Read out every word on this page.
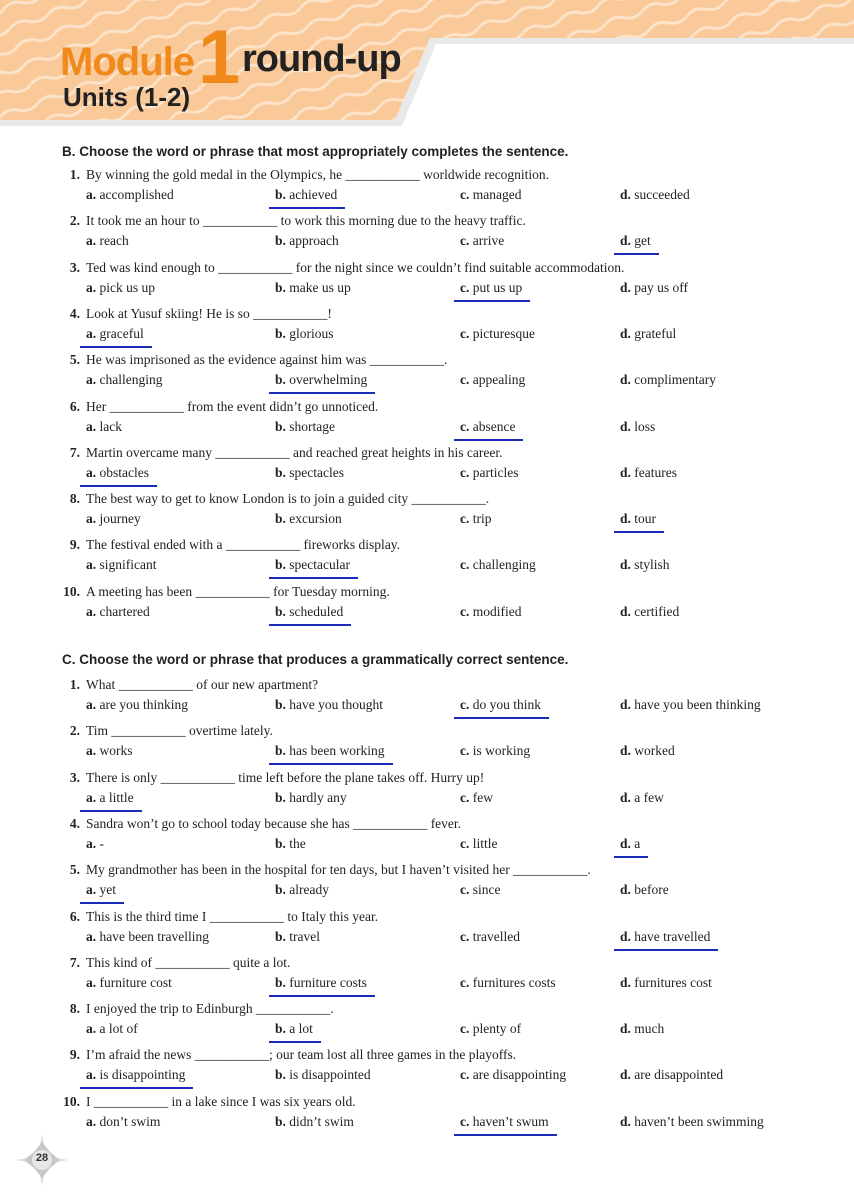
Module 1 round-up
Units (1-2)
B. Choose the word or phrase that most appropriately completes the sentence.
1. By winning the gold medal in the Olympics, he ___________ worldwide recognition.
a. accomplished	b. achieved	c. managed	d. succeeded
2. It took me an hour to ___________ to work this morning due to the heavy traffic.
a. reach	b. approach	c. arrive	d. get
3. Ted was kind enough to ___________ for the night since we couldn’t find suitable accommodation.
a. pick us up	b. make us up	c. put us up	d. pay us off
4. Look at Yusuf skiing! He is so ___________!
a. graceful	b. glorious	c. picturesque	d. grateful
5. He was imprisoned as the evidence against him was ___________.
a. challenging	b. overwhelming	c. appealing	d. complimentary
6. Her ___________ from the event didn’t go unnoticed.
a. lack	b. shortage	c. absence	d. loss
7. Martin overcame many ___________ and reached great heights in his career.
a. obstacles	b. spectacles	c. particles	d. features
8. The best way to get to know London is to join a guided city ___________.
a. journey	b. excursion	c. trip	d. tour
9. The festival ended with a ___________ fireworks display.
a. significant	b. spectacular	c. challenging	d. stylish
10. A meeting has been ___________ for Tuesday morning.
a. chartered	b. scheduled	c. modified	d. certified
C. Choose the word or phrase that produces a grammatically correct sentence.
1. What ___________ of our new apartment?
a. are you thinking	b. have you thought	c. do you think	d. have you been thinking
2. Tim ___________ overtime lately.
a. works	b. has been working	c. is working	d. worked
3. There is only ___________ time left before the plane takes off. Hurry up!
a. a little	b. hardly any	c. few	d. a few
4. Sandra won’t go to school today because she has ___________ fever.
a. -	b. the	c. little	d. a
5. My grandmother has been in the hospital for ten days, but I haven’t visited her ___________.
a. yet	b. already	c. since	d. before
6. This is the third time I ___________ to Italy this year.
a. have been travelling	b. travel	c. travelled	d. have travelled
7. This kind of ___________ quite a lot.
a. furniture cost	b. furniture costs	c. furnitures costs	d. furnitures cost
8. I enjoyed the trip to Edinburgh ___________.
a. a lot of	b. a lot	c. plenty of	d. much
9. I’m afraid the news ___________; our team lost all three games in the playoffs.
a. is disappointing	b. is disappointed	c. are disappointing	d. are disappointed
10. I ___________ in a lake since I was six years old.
a. don’t swim	b. didn’t swim	c. haven’t swum	d. haven’t been swimming
28
